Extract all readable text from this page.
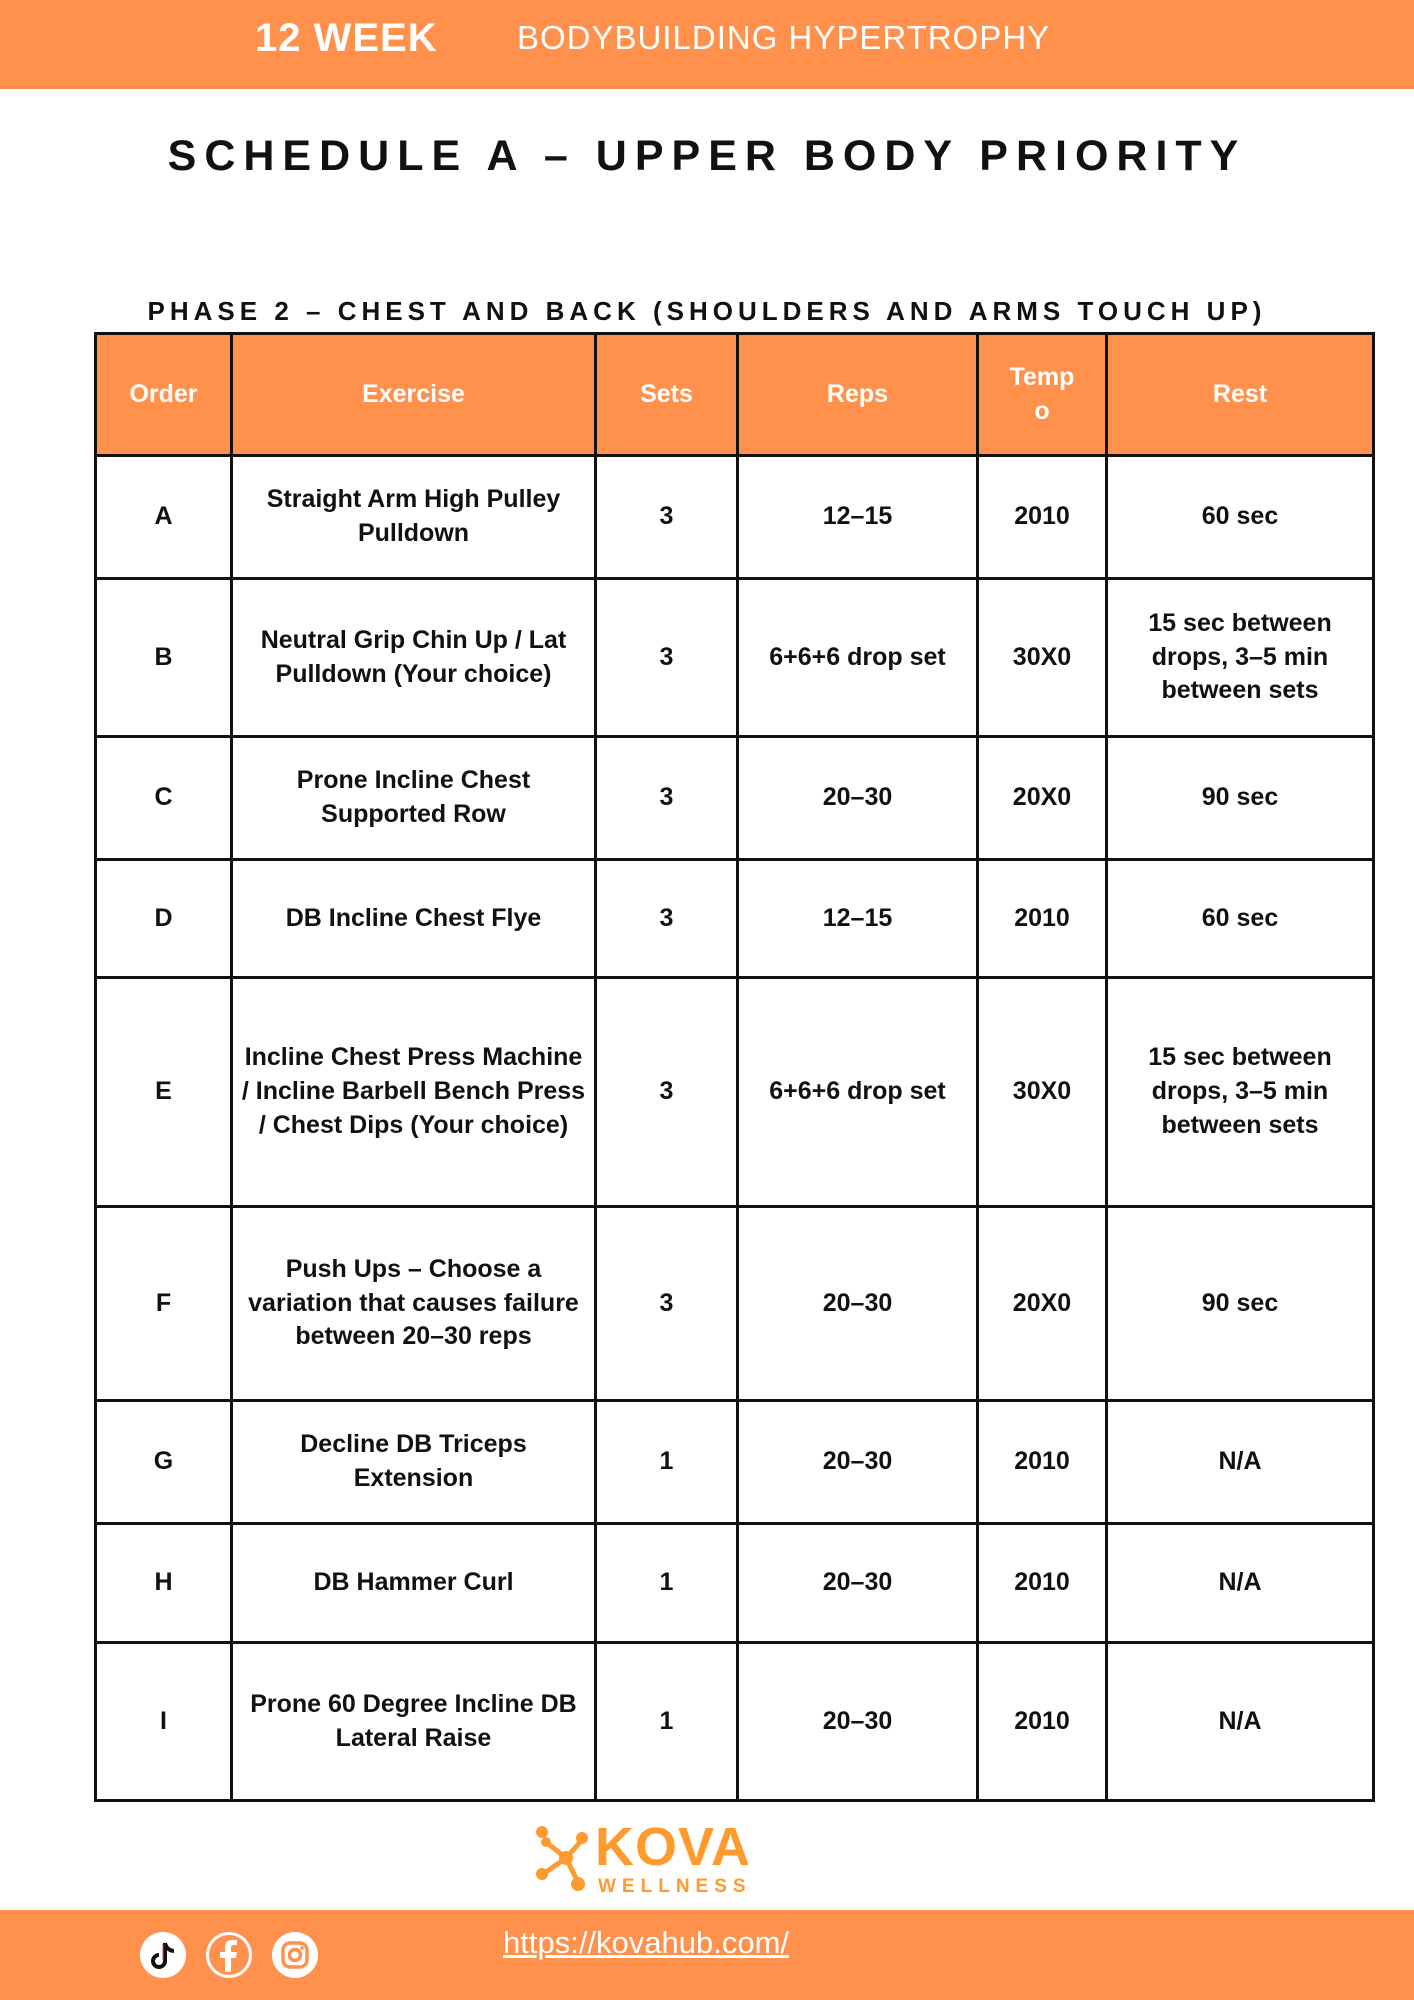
12 WEEK BODYBUILDING HYPERTROPHY
SCHEDULE A – UPPER BODY PRIORITY
PHASE 2 – CHEST AND BACK (SHOULDERS AND ARMS TOUCH UP)
Order	Exercise	Sets	Reps	Temp o	Rest
A	Straight Arm High Pulley Pulldown	3	12–15	2010	60 sec
B	Neutral Grip Chin Up / Lat Pulldown (Your choice)	3	6+6+6 drop set	30X0	15 sec between drops, 3–5 min between sets
C	Prone Incline Chest Supported Row	3	20–30	20X0	90 sec
D	DB Incline Chest Flye	3	12–15	2010	60 sec
E	Incline Chest Press Machine / Incline Barbell Bench Press / Chest Dips (Your choice)	3	6+6+6 drop set	30X0	15 sec between drops, 3–5 min between sets
F	Push Ups – Choose a variation that causes failure between 20–30 reps	3	20–30	20X0	90 sec
G	Decline DB Triceps Extension	1	20–30	2010	N/A
H	DB Hammer Curl	1	20–30	2010	N/A
I	Prone 60 Degree Incline DB Lateral Raise	1	20–30	2010	N/A
KOVA
WELLNESS
https://kovahub.com/
